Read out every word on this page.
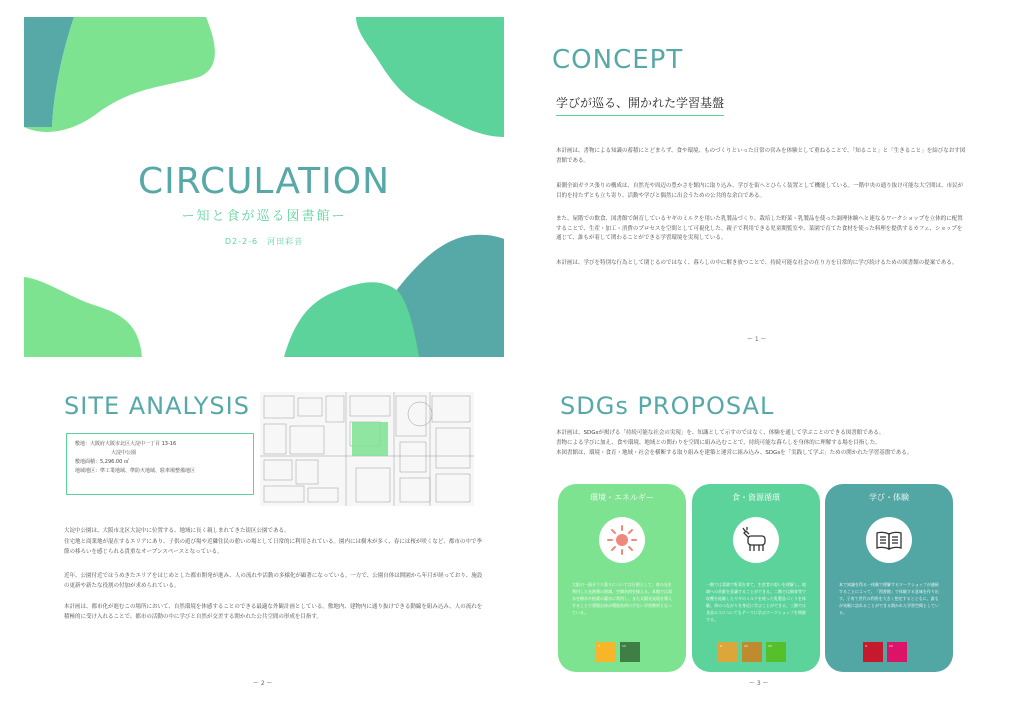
CIRCULATION
ー知と食が巡る図書館ー
D2-2-6　河田彩音
CONCEPT
学びが巡る、開かれた学習基盤

本計画は、書物による知識の蓄積にとどまらず、食や環境、ものづくりといった日常の営みを体験として重ねることで、「知ること」と「生きること」を結びなおす図書館である。

東側全面ガラス張りの構成は、自然光や周辺の豊かさを館内に取り込み、学びを街へとひらく装置として機能している。一階中央の通り抜け可能な大空間は、市民が目的を持たずとも立ち寄り、活動や学びと偶然に出会うための公共的な余白である。

また、屋階での飲食、図書館で飼育しているヤギのミルクを用いた乳製品づくり、栽培した野菜・乳製品を使った調理体験へと連なるワークショップを立体的に配置することで、生産・加工・消費のプロセスを空間として可視化した。親子で利用できる児童閲覧室や、菜園で育てた食材を使った料理を提供するカフェ、ショップを通じて、誰もが着して関わることができる学習環境を実現している。

本計画は、学びを特別な行為として閉じるのではなく、暮らしの中に解き放つことで、持続可能な社会の在り方を日常的に学び続けるための図書館の提案である。

ー 1 ー
SITE ANALYSIS

敷地：大阪府大阪市北区大淀中一丁目 13-16

大淀中公園

敷地面積：5,296.00 ㎡

地域地区：準工業地域、準防火地域、駐車場整備地区

大淀中公園は、大阪市北区大淀中に位置する、地域に長く親しまれてきた街区公園である。

住宅地と商業地が混在するエリアにあり、子供の遊び場や近隣住民の憩いの場として日常的に利用されている。園内には樹木が多く、春には桜が咲くなど、都市の中で季節の移ろいを感じられる貴重なオープンスペースとなっている。

近年、公園付近ではうめきたエリアをはじめとした都市開発が進み、人の流れや活動の多様化が顕著になっている。一方で、公園自体は開園から年月が経っており、施設の更新や新たな役割の付加が求められている。

本計画は、都市化が進むこの場所において、自然環境を体感することのできる最適な外観計画としている。敷地内、建物内に通り抜けできる動線を組み込み、人の流れを積極的に受け入れることで、都市の活動の中に学びと自然が交差する開かれた公共空間の形成を目指す。

ー 2 ー
SDGs PROPOSAL

本計画は、SDGsが掲げる「持続可能な社会の実現」を、知識として示すのではなく、体験を通して学ぶことのできる図書館である。

書物による学びに加え、食や環境、地域との関わりを空間に組み込むことで、持続可能な暮らしを身体的に理解する場を目指した。

本図書館は、環境・食育・地域・社会を横断する取り組みを建築と運営に組み込み、SDGsを「実践して学ぶ」ための開かれた学習基盤である。

環境・エネルギー

大阪の一面ガラス張りについては日照として、春の光を利用した光熱費の削減、空調負荷を抑える。本館では雨水を樹木や植栽の灌水に利用し、また太陽光発電を導入することで建築自体が環境負荷の少ない学習教材となっている。

7	13
食・資源循環

一階では菜園で野菜を育て、生産者の思いを理解し、地域への貢献を意識することができる。二階では飼育等で収穫を経験したヤギのミルクを使った乳製品づくりを体験。命のつながりを身近に学ぶことができる。三階では食品ロスについてもテーマに学ぶワークショップを開催する。

2	12	15
学び・体験

本で知識を得る一体験で理解するワークショップが連続することによって、「図書館」で体験する意味を作り出す。子育て世代の利用を大きく想定するとともに、誰もが気軽に訪れることができる開かれた学習空間としている。

4	10
ー 3 ー
